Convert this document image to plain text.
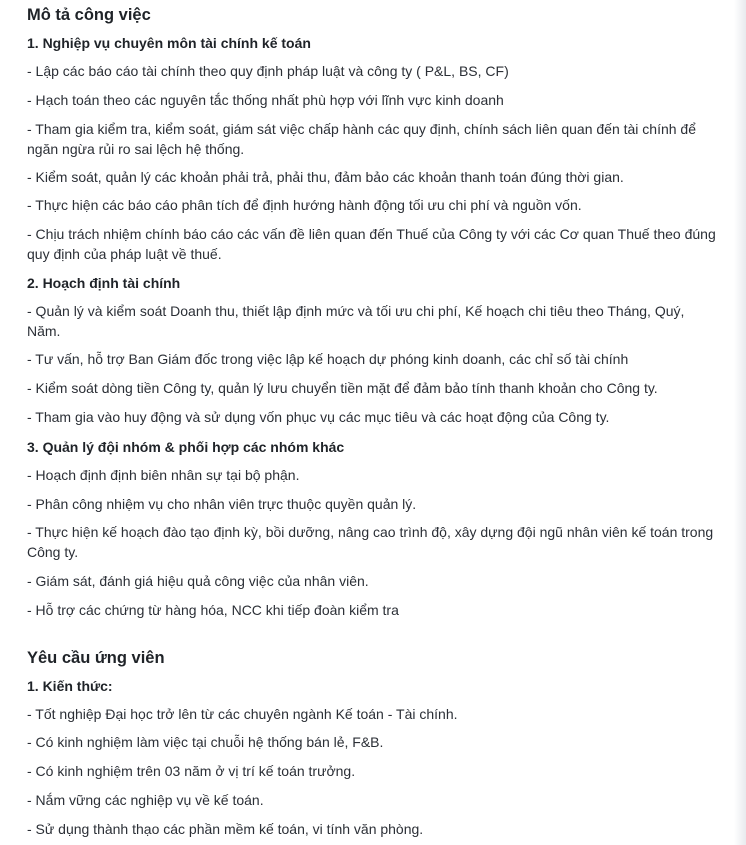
Mô tả công việc
1. Nghiệp vụ chuyên môn tài chính kế toán
- Lập các báo cáo tài chính theo quy định pháp luật và công ty ( P&L, BS, CF)
- Hạch toán theo các nguyên tắc thống nhất phù hợp với lĩnh vực kinh doanh
- Tham gia kiểm tra, kiểm soát, giám sát việc chấp hành các quy định, chính sách liên quan đến tài chính để ngăn ngừa rủi ro sai lệch hệ thống.
- Kiểm soát, quản lý các khoản phải trả, phải thu, đảm bảo các khoản thanh toán đúng thời gian.
- Thực hiện các báo cáo phân tích để định hướng hành động tối ưu chi phí và nguồn vốn.
- Chịu trách nhiệm chính báo cáo các vấn đề liên quan đến Thuế của Công ty với các Cơ quan Thuế theo đúng quy định của pháp luật về thuế.
2. Hoạch định tài chính
- Quản lý và kiểm soát Doanh thu, thiết lập định mức và tối ưu chi phí, Kế hoạch chi tiêu theo Tháng, Quý, Năm.
- Tư vấn, hỗ trợ Ban Giám đốc trong việc lập kế hoạch dự phóng kinh doanh, các chỉ số tài chính
- Kiểm soát dòng tiền Công ty, quản lý lưu chuyển tiền mặt để đảm bảo tính thanh khoản cho Công ty.
- Tham gia vào huy động và sử dụng vốn phục vụ các mục tiêu và các hoạt động của Công ty.
3. Quản lý đội nhóm & phối hợp các nhóm khác
- Hoạch định định biên nhân sự tại bộ phận.
- Phân công nhiệm vụ cho nhân viên trực thuộc quyền quản lý.
- Thực hiện kế hoạch đào tạo định kỳ, bồi dưỡng, nâng cao trình độ, xây dựng đội ngũ nhân viên kế toán trong Công ty.
- Giám sát, đánh giá hiệu quả công việc của nhân viên.
- Hỗ trợ các chứng từ hàng hóa, NCC khi tiếp đoàn kiểm tra
Yêu cầu ứng viên
1. Kiến thức:
- Tốt nghiệp Đại học trở lên từ các chuyên ngành Kế toán - Tài chính.
- Có kinh nghiệm làm việc tại chuỗi hệ thống bán lẻ, F&B.
- Có kinh nghiệm trên 03 năm ở vị trí kế toán trưởng.
- Nắm vững các nghiệp vụ về kế toán.
- Sử dụng thành thạo các phần mềm kế toán, vi tính văn phòng.
